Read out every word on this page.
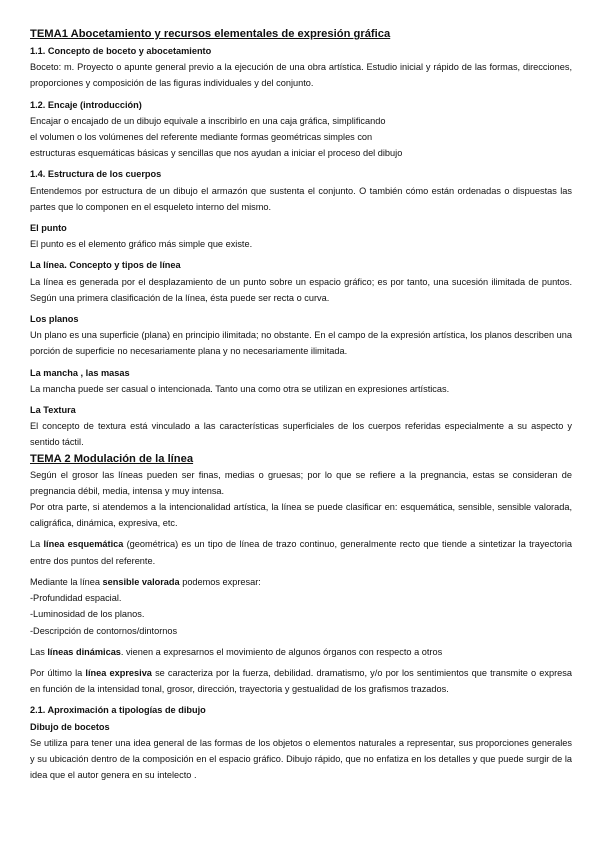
TEMA1 Abocetamiento y recursos elementales de expresión gráfica
1.1. Concepto de boceto y abocetamiento

Boceto: m. Proyecto o apunte general previo a la ejecución de una obra artística. Estudio inicial y rápido de las formas, direcciones, proporciones y composición de las figuras individuales y del conjunto.

1.2. Encaje (introducción)

Encajar o encajado de un dibujo equivale a inscribirlo en una caja gráfica, simplificando
el volumen o los volúmenes del referente mediante formas geométricas simples con
estructuras esquemáticas básicas y sencillas que nos ayudan a iniciar el proceso del dibujo

1.4. Estructura de los cuerpos

Entendemos por estructura de un dibujo el armazón que sustenta el conjunto. O también cómo están ordenadas o dispuestas las partes que lo componen en el esqueleto interno del mismo.

El punto

El punto es el elemento gráfico más simple que existe.

La línea. Concepto y tipos de línea

La línea es generada por el desplazamiento de un punto sobre un espacio gráfico; es por tanto, una sucesión ilimitada de puntos. Según una primera clasificación de la línea, ésta puede ser recta o curva.

Los planos

Un plano es una superficie (plana) en principio ilimitada; no obstante. En el campo de la expresión artística, los planos describen una porción de superficie no necesariamente plana y no necesariamente ilimitada.

La mancha , las masas

La mancha puede ser casual o intencionada. Tanto una como otra se utilizan en expresiones artísticas.

La Textura

El concepto de textura está vinculado a las características superficiales de los cuerpos referidas especialmente a su aspecto y sentido táctil.

TEMA 2 Modulación de la línea

Según el grosor las líneas pueden ser finas, medias o gruesas; por lo que se refiere a la pregnancia, estas se consideran de pregnancia débil, media, intensa y muy intensa.

Por otra parte, si atendemos a la intencionalidad artística, la línea se puede clasificar en: esquemática, sensible, sensible valorada, caligráfica, dinámica, expresiva, etc.

La línea esquemática (geométrica) es un tipo de línea de trazo continuo, generalmente recto que tiende a sintetizar la trayectoria entre dos puntos del referente.

Mediante la línea sensible valorada podemos expresar:

-Profundidad espacial.
-Luminosidad de los planos.
-Descripción de contornos/dintornos

Las líneas dinámicas. vienen a expresarnos el movimiento de algunos órganos con respecto a otros

Por último la línea expresiva se caracteriza por la fuerza, debilidad. dramatismo, y/o por los sentimientos que transmite o expresa en función de la intensidad tonal, grosor, dirección, trayectoria y gestualidad de los grafismos trazados.

2.1. Aproximación a tipologías de dibujo
Dibujo de bocetos

Se utiliza para tener una idea general de las formas de los objetos o elementos naturales a representar, sus proporciones generales y su ubicación dentro de la composición en el espacio gráfico. Dibujo rápido, que no enfatiza en los detalles y que puede surgir de la idea que el autor genera en su intelecto .
